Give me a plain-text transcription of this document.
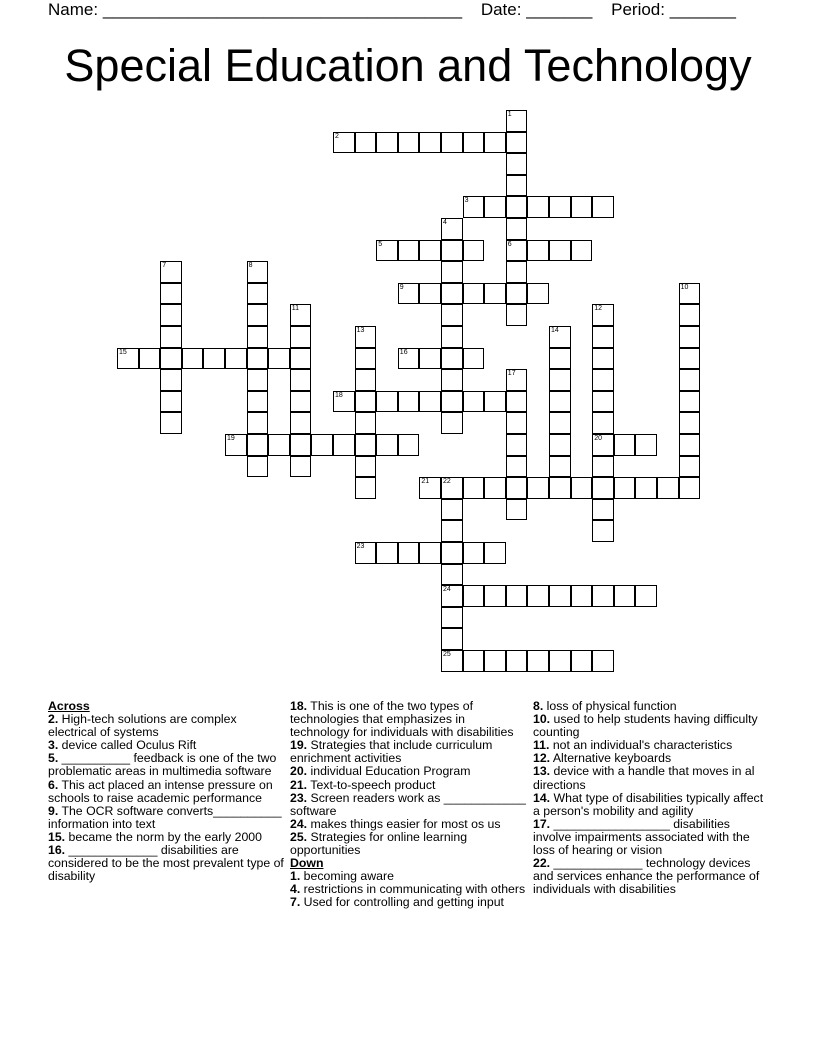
Name: ______________________________________ Date: _______ Period: _______
Special Education and Technology
1
6
2
3
4
5
7	8
9	10
11	12
20
13	14
15	16
17
18
19
21 22
24
25
23
Across
2. High-tech solutions are complex electrical of systems
3. device called Oculus Rift
5. __________ feedback is one of the two problematic areas in multimedia software
6. This act placed an intense pressure on schools to raise academic performance
9. The OCR software converts__________ information into text
15. became the norm by the early 2000
16. _____________ disabilities are considered to be the most prevalent type of disability
18. This is one of the two types of technologies that emphasizes in technology for individuals with disabilities
19. Strategies that include curriculum enrichment activities
20. individual Education Program
21. Text-to-speech product
23. Screen readers work as ____________ software
24. makes things easier for most os us
25. Strategies for online learning opportunities
Down
1. becoming aware
4. restrictions in communicating with others
7. Used for controlling and getting input
8. loss of physical function
10. used to help students having difficulty counting
11. not an individual's characteristics
12. Alternative keyboards
13. device with a handle that moves in al directions
14. What type of disabilities typically affect a person's mobility and agility
17. _________________ disabilities involve impairments associated with the loss of hearing or vision
22. _____________ technology devices and services enhance the performance of individuals with disabilities
